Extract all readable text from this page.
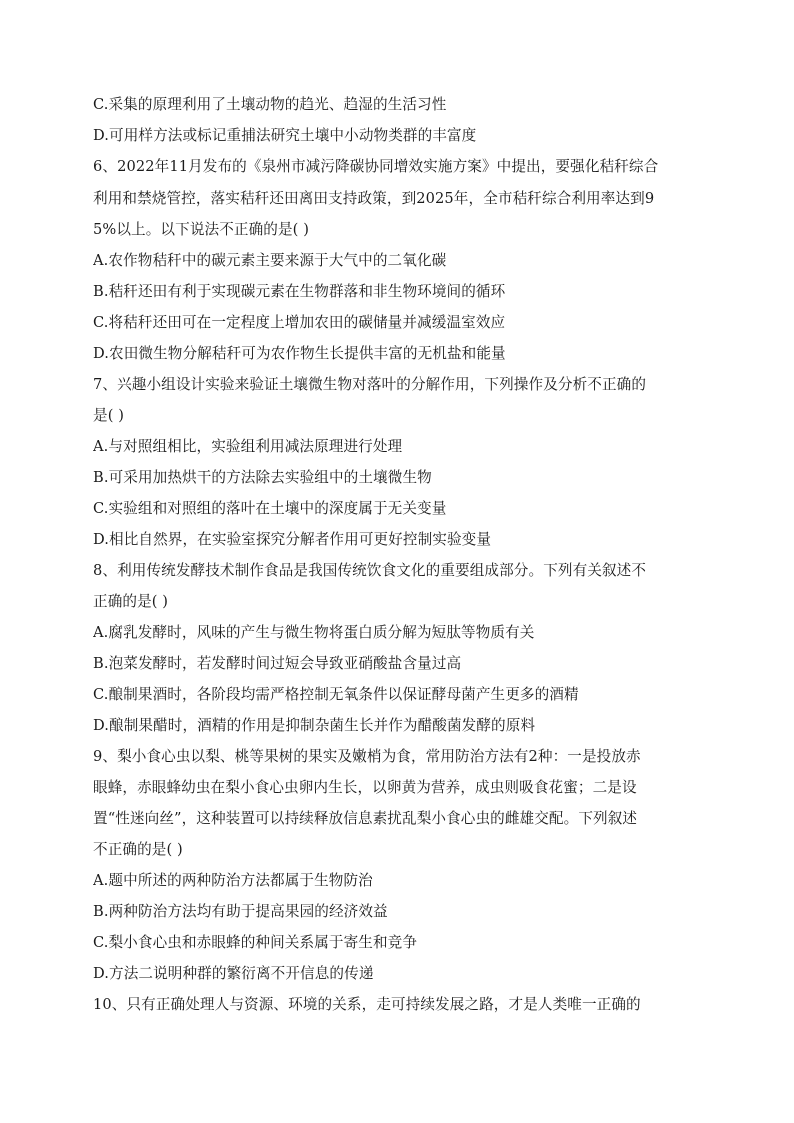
C.采集的原理利用了土壤动物的趋光、趋湿的生活习性
D.可用样方法或标记重捕法研究土壤中小动物类群的丰富度
6、2022年11月发布的《泉州市减污降碳协同增效实施方案》中提出，要强化秸秆综合
利用和禁烧管控，落实秸秆还田离田支持政策，到2025年，全市秸秆综合利用率达到9
5%以上。以下说法不正确的是( )
A.农作物秸秆中的碳元素主要来源于大气中的二氧化碳
B.秸秆还田有利于实现碳元素在生物群落和非生物环境间的循环
C.将秸秆还田可在一定程度上增加农田的碳储量并减缓温室效应
D.农田微生物分解秸秆可为农作物生长提供丰富的无机盐和能量
7、兴趣小组设计实验来验证土壤微生物对落叶的分解作用，下列操作及分析不正确的
是( )
A.与对照组相比，实验组利用减法原理进行处理
B.可采用加热烘干的方法除去实验组中的土壤微生物
C.实验组和对照组的落叶在土壤中的深度属于无关变量
D.相比自然界，在实验室探究分解者作用可更好控制实验变量
8、利用传统发酵技术制作食品是我国传统饮食文化的重要组成部分。下列有关叙述不
正确的是( )
A.腐乳发酵时，风味的产生与微生物将蛋白质分解为短肽等物质有关
B.泡菜发酵时，若发酵时间过短会导致亚硝酸盐含量过高
C.酿制果酒时，各阶段均需严格控制无氧条件以保证酵母菌产生更多的酒精
D.酿制果醋时，酒精的作用是抑制杂菌生长并作为醋酸菌发酵的原料
9、梨小食心虫以梨、桃等果树的果实及嫩梢为食，常用防治方法有2种：一是投放赤
眼蜂，赤眼蜂幼虫在梨小食心虫卵内生长，以卵黄为营养，成虫则吸食花蜜；二是设
置“性迷向丝”，这种装置可以持续释放信息素扰乱梨小食心虫的雌雄交配。下列叙述
不正确的是( )
A.题中所述的两种防治方法都属于生物防治
B.两种防治方法均有助于提高果园的经济效益
C.梨小食心虫和赤眼蜂的种间关系属于寄生和竞争
D.方法二说明种群的繁衍离不开信息的传递
10、只有正确处理人与资源、环境的关系，走可持续发展之路，才是人类唯一正确的
